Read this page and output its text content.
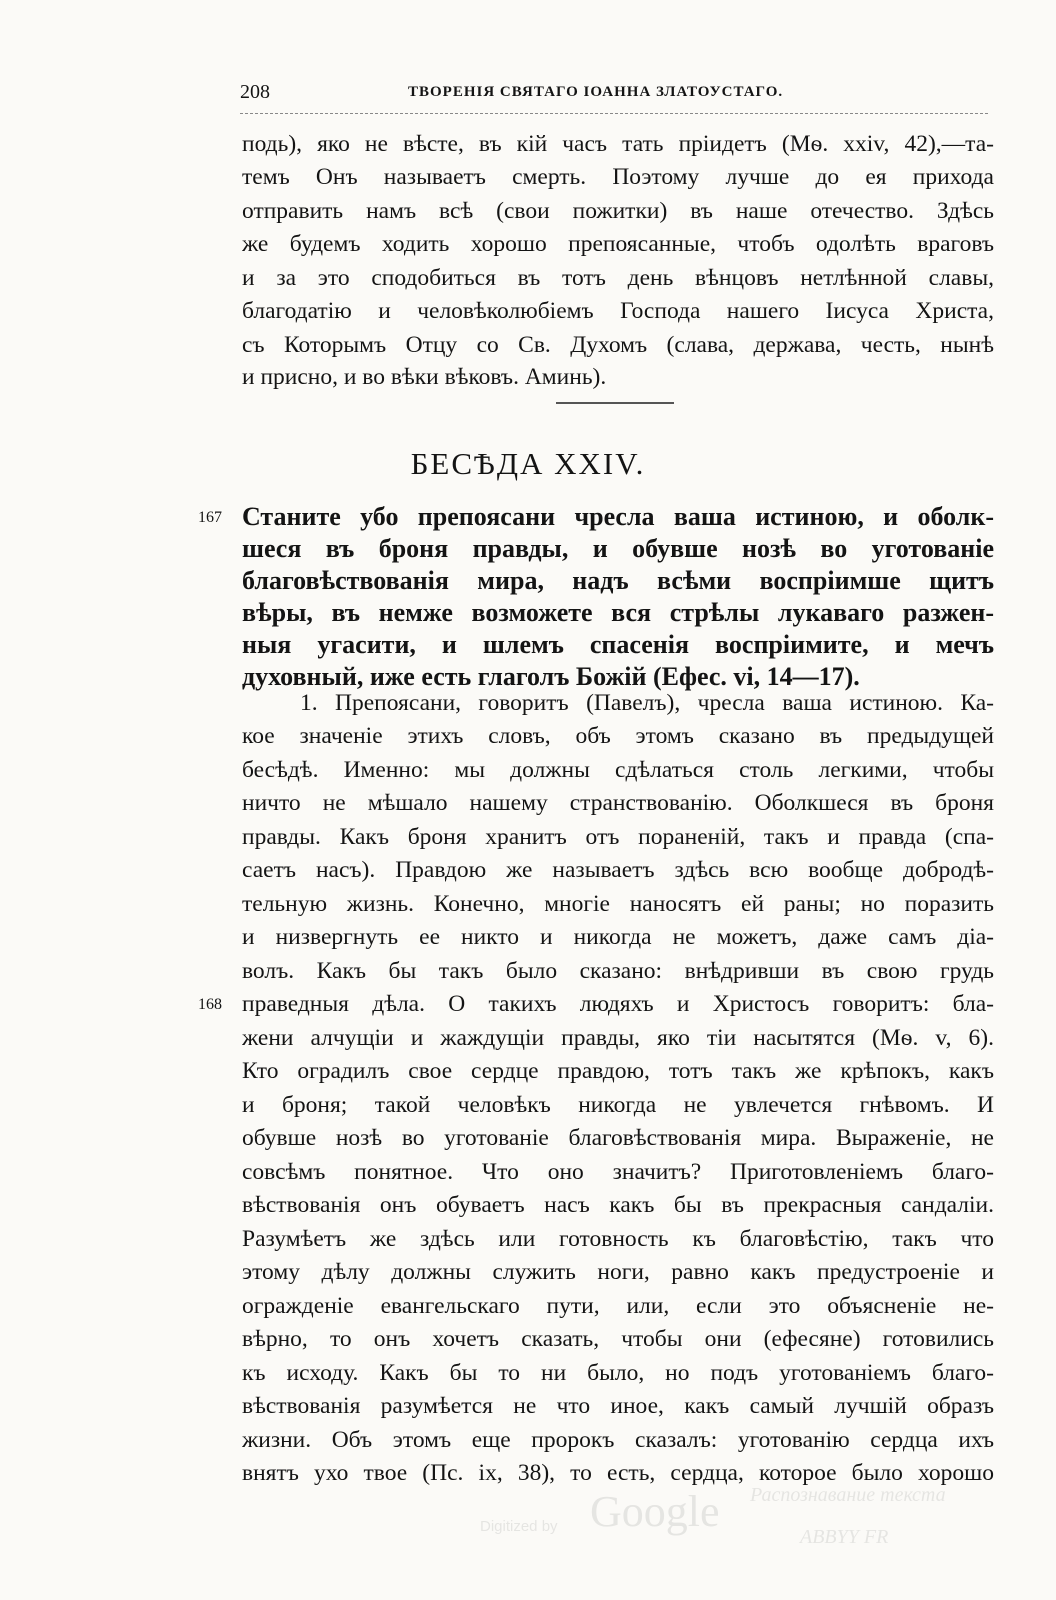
208	ТВОРЕНІЯ СВЯТАГО ІОАННА ЗЛАТОУСТАГО.

подь), яко не вѣсте, въ кій часъ тать пріидетъ (Мѳ. xxiv, 42),—та-

темъ Онъ называетъ смерть. Поэтому лучше до ея прихода

отправить намъ всѣ (свои пожитки) въ наше отечество. Здѣсь

же будемъ ходить хорошо препоясанные, чтобъ одолѣть враговъ

и за это сподобиться въ тотъ день вѣнцовъ нетлѣнной славы,

благодатію и человѣколюбіемъ Господа нашего Іисуса Христа,

съ Которымъ Отцу со Св. Духомъ (слава, держава, честь, нынѣ

и присно, и во вѣки вѣковъ. Аминь).

БЕСѢДА XXIV.
167 Станите убо препоясани чресла ваша истиною, и оболк-

шеся въ броня правды, и обувше нозѣ во уготованіе

благовѣствованія мира, надъ всѣми воспріимше щитъ

вѣры, въ немже возможете вся стрѣлы лукаваго разжен-

ныя угасити, и шлемъ спасенія воспріимите, и мечъ

духовный, иже есть глаголъ Божій (Ефес. vi, 14—17).

1. Препоясани, говоритъ (Павелъ), чресла ваша истиною. Ка-

кое значеніе этихъ словъ, объ этомъ сказано въ предыдущей

бесѣдѣ. Именно: мы должны сдѣлаться столь легкими, чтобы

ничто не мѣшало нашему странствованію. Оболкшеся въ броня

правды. Какъ броня хранитъ отъ пораненій, такъ и правда (спа-

саетъ насъ). Правдою же называетъ здѣсь всю вообще добродѣ-

тельную жизнь. Конечно, многіе наносятъ ей раны; но поразить

и низвергнуть ее никто и никогда не можетъ, даже самъ діа-

волъ. Какъ бы такъ было сказано: внѣдривши въ свою грудь

168 праведныя дѣла. О такихъ людяхъ и Христосъ говоритъ: бла-

жени алчущіи и жаждущіи правды, яко тіи насытятся (Мѳ. v, 6).

Кто оградилъ свое сердце правдою, тотъ такъ же крѣпокъ, какъ

и броня; такой человѣкъ никогда не увлечется гнѣвомъ. И

обувше нозѣ во уготованіе благовѣствованія мира. Выраженіе, не

совсѣмъ понятное. Что оно значитъ? Приготовленіемъ благо-

вѣствованія онъ обуваетъ насъ какъ бы въ прекрасныя сандаліи.

Разумѣетъ же здѣсь или готовность къ благовѣстію, такъ что

этому дѣлу должны служить ноги, равно какъ предустроеніе и

огражденіе евангельскаго пути, или, если это объясненіе не-

вѣрно, то онъ хочетъ сказать, чтобы они (ефесяне) готовились

къ исходу. Какъ бы то ни было, но подъ уготованіемъ благо-

вѣствованія разумѣется не что иное, какъ самый лучшій образъ

жизни. Объ этомъ еще пророкъ сказалъ: уготованію сердца ихъ

внятъ ухо твое (Пс. ix, 38), то есть, сердца, которое было хорошо

Digitized by Google Распознавание текста
ABBYY FR
